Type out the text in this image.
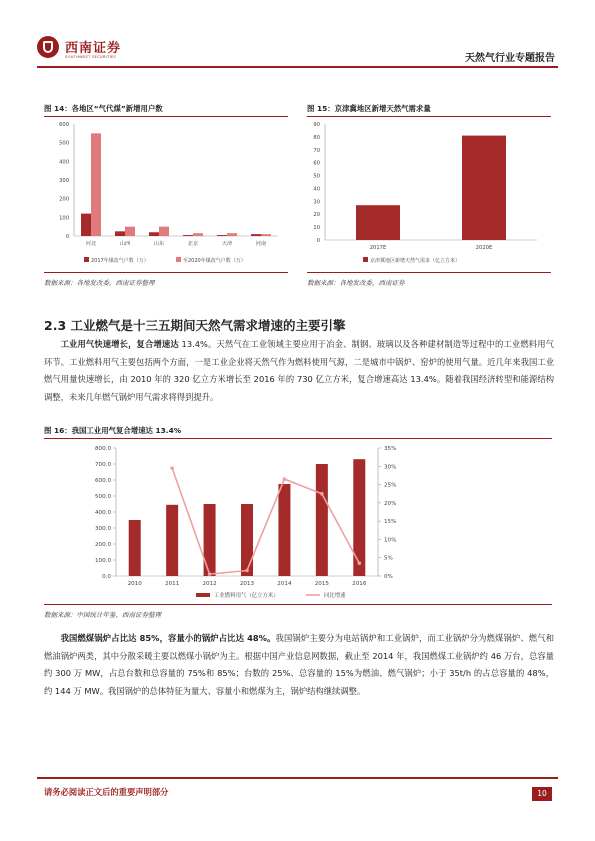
西南证券
SOUTHWEST SECURITIES	天然气行业专题报告
图 14：各地区“气代煤”新增用户数
0
100
200
300
400
500
600
河北	山西	山东	北京	天津	河南
2017年煤改气户数（万）	至2020年煤改气户数（万）
数据来源：各地发改委，西南证券整理
图 15：京津冀地区新增天然气需求量
0
10
20
30
40
50
60
70
80
90
2017E	2020E
京津冀地区新增天然气需求（亿立方米）
数据来源：各地发改委，西南证券
2.3 工业燃气是十三五期间天然气需求增速的主要引擎
工业用气快速增长，复合增速达 13.4%。天然气在工业领域主要应用于冶金、制钢、玻璃以及各种建材制造等过程中的工业燃料用气环节。工业燃料用气主要包括两个方面，一是工业企业将天然气作为燃料使用气源，二是城市中锅炉、窑炉的使用气量。近几年来我国工业燃气用量快速增长，由 2010 年的 320 亿立方米增长至 2016 年的 730 亿立方米，复合增速高达 13.4%。随着我国经济转型和能源结构调整，未来几年燃气锅炉用气需求将得到提升。
图 16：我国工业用气复合增速达 13.4%
0.0
100.0
200.0
300.0
400.0
500.0
600.0
700.0
800.0
0%
5%
10%
15%
20%
25%
30%
35%
2010	2011	2012	2013	2014	2015	2016
工业燃料用气（亿立方米）	同比增速
数据来源：中国统计年鉴、西南证券整理
我国燃煤锅炉占比达 85%，容量小的锅炉占比达 48%。我国锅炉主要分为电站锅炉和工业锅炉，而工业锅炉分为燃煤锅炉、燃气和燃油锅炉两类，其中分散采暖主要以燃煤小锅炉为主。根据中国产业信息网数据，截止至 2014 年，我国燃煤工业锅炉约 46 万台，总容量约 300 万 MW，占总台数和总容量的 75%和 85%；台数的 25%、总容量的 15%为燃油、燃气锅炉；小于 35t/h 的占总容量的 48%，约 144 万 MW。我国锅炉的总体特征为量大、容量小和燃煤为主，锅炉结构继续调整。
请务必阅读正文后的重要声明部分	10
